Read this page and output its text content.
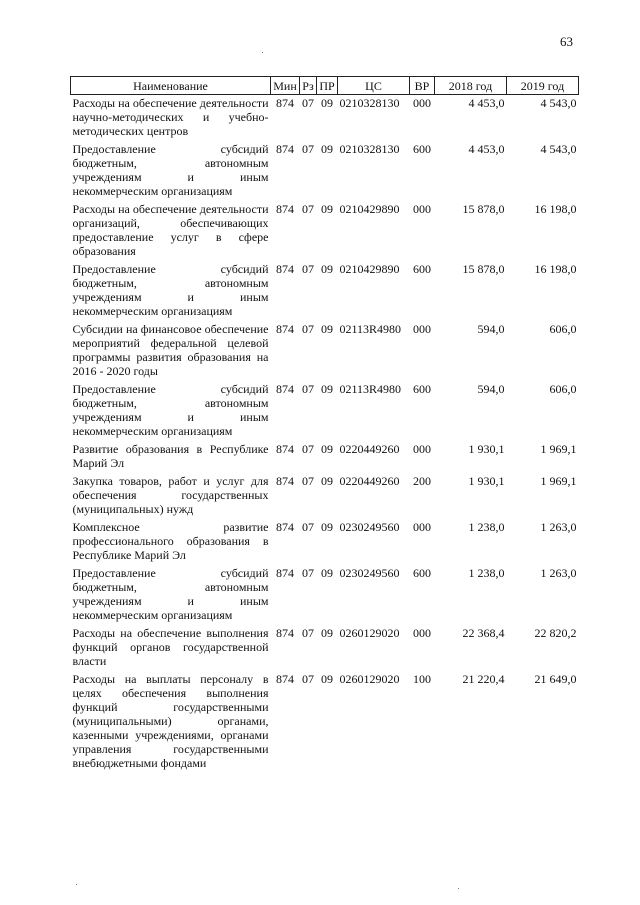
63
Наименование	Мин	Рз	ПР	ЦС	ВР	2018 год	2019 год
Расходы на обеспечение деятельности научно-методических и учебно-методических центров	874	07	09	0210328130	000	4 453,0	4 543,0
Предоставление субсидий бюджетным, автономным учреждениям и иным некоммерческим организациям	874	07	09	0210328130	600	4 453,0	4 543,0
Расходы на обеспечение деятельности организаций, обеспечивающих предоставление услуг в сфере образования	874	07	09	0210429890	000	15 878,0	16 198,0
Предоставление субсидий бюджетным, автономным учреждениям и иным некоммерческим организациям	874	07	09	0210429890	600	15 878,0	16 198,0
Субсидии на финансовое обеспечение мероприятий федеральной целевой программы развития образования на 2016 - 2020 годы	874	07	09	02113R4980	000	594,0	606,0
Предоставление субсидий бюджетным, автономным учреждениям и иным некоммерческим организациям	874	07	09	02113R4980	600	594,0	606,0
Развитие образования в Республике Марий Эл	874	07	09	0220449260	000	1 930,1	1 969,1
Закупка товаров, работ и услуг для обеспечения государственных (муниципальных) нужд	874	07	09	0220449260	200	1 930,1	1 969,1
Комплексное развитие профессионального образования в Республике Марий Эл	874	07	09	0230249560	000	1 238,0	1 263,0
Предоставление субсидий бюджетным, автономным учреждениям и иным некоммерческим организациям	874	07	09	0230249560	600	1 238,0	1 263,0
Расходы на обеспечение выполнения функций органов государственной власти	874	07	09	0260129020	000	22 368,4	22 820,2
Расходы на выплаты персоналу в целях обеспечения выполнения функций государственными (муниципальными) органами, казенными учреждениями, органами управления государственными внебюджетными фондами	874	07	09	0260129020	100	21 220,4	21 649,0
